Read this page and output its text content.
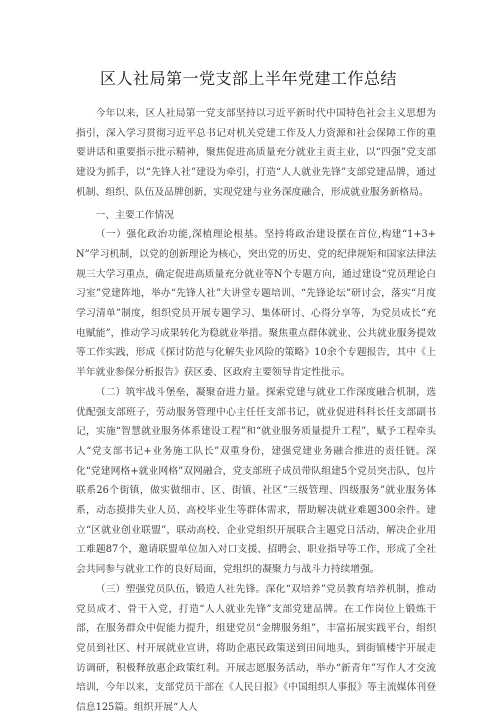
区人社局第一党支部上半年党建工作总结

今年以来，区人社局第一党支部坚持以习近平新时代中国特色社会主义思想为指引，深入学习贯彻习近平总书记对机关党建工作及人力资源和社会保障工作的重要讲话和重要指示批示精神，聚焦促进高质量充分就业主责主业，以“四强”党支部建设为抓手，以“先锋人社”建设为牵引，打造“人人就业先锋”支部党建品牌，通过机制、组织、队伍及品牌创新，实现党建与业务深度融合，形成就业服务新格局。

一、主要工作情况

（一）强化政治功能,深植理论根基。坚持将政治建设摆在首位,构建“1+3+N”学习机制，以党的创新理论为核心，突出党的历史、党的纪律规矩和国家法律法规三大学习重点，确定促进高质量充分就业等N个专题方向，通过建设“党员理论白习室”党建阵地，举办“先锋人社”大讲堂专题培训、“先锋论坛”研讨会，落实“月度学习清单”制度，组织党员开展专题学习、集体研讨、心得分享等，为党员成长“充电赋能”，推动学习成果转化为稳就业举措。聚焦重点群体就业、公共就业服务提效等工作实践，形成《探讨防范与化解失业风险的策略》10余个专题报告，其中《上半年就业参保分析报告》获区委、区政府主要领导肯定性批示。

（二）筑牢战斗堡垒，凝聚奋进力量。探索党建与就业工作深度融合机制，选优配强支部班子，劳动服务管理中心主任任支部书记，就业促进科科长任支部副书记，实施“智慧就业服务体系建设工程”和“就业服务质量提升工程”，赋予工程牵头人“党支部书记+业务施工队长”双重身份，建强党建业务融合推进的责任链。深化“党建网格+就业网格”双网融合，党支部班子成员带队组建5个党员突击队，包片联系26个街镇，做实做细市、区、街镇、社区“三级管理、四级服务”就业服务体系，动态摸排失业人员、高校毕业生等群体需求，帮助解决就业难题300余件。建立“区就业创业联盟”，联动高校、企业党组织开展联合主题党日活动，解决企业用工难题87个，邀请联盟单位加入对口支援、招聘会、职业指导等工作，形成了全社会共同参与就业工作的良好局面，党组织的凝聚力与战斗力持续增强。

（三）塑强党员队伍，锻造人社先锋。深化“双培养”党员教育培养机制，推动党员成才、骨干入党，打造“人人就业先锋”支部党建品牌。在工作岗位上锻炼干部，在服务群众中促能力提升，组建党员“金牌服务组”，丰富拓展实践平台，组织党员到社区、村开展就业宣讲，将助企惠民政策送到田间地头，到街镇楼宇开展走访调研，积极释放惠企政策红利。开展志愿服务活动，举办“新青年”写作人才交流培训，今年以来，支部党员干部在《人民日报》《中国组织人事报》等主流媒体刊登信息125篇。组织开展“人人
